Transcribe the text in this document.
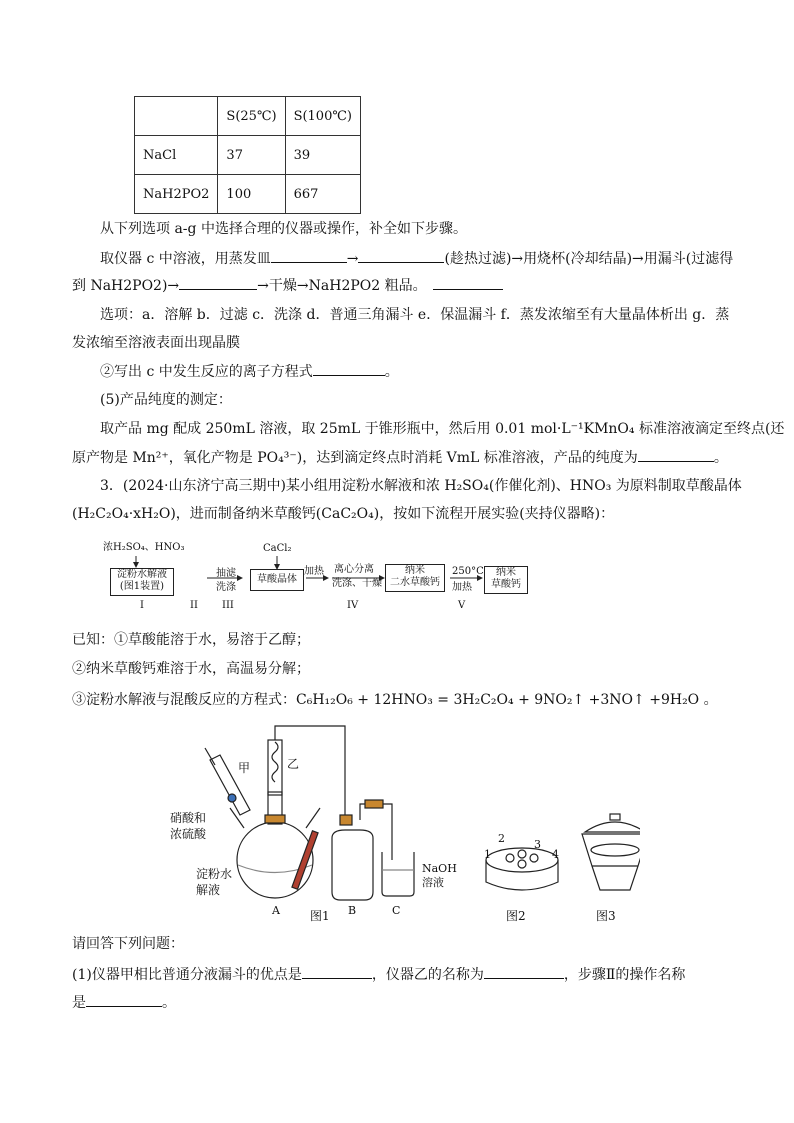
	S(25℃)	S(100℃)
NaCl	37	39
NaH2PO2	100	667
从下列选项 a-g 中选择合理的仪器或操作，补全如下步骤。
取仪器 c 中溶液，用蒸发皿	→	(趁热过滤)→用烧杯(冷却结晶)→用漏斗(过滤得
到 NaH2PO2)→	→干燥→NaH2PO2 粗品。
选项：a．溶解 b．过滤 c．洗涤 d．普通三角漏斗 e．保温漏斗 f．蒸发浓缩至有大量晶体析出 g．蒸
发浓缩至溶液表面出现晶膜
②写出 c 中发生反应的离子方程式	。
(5)产品纯度的测定：
取产品 mg 配成 250mL 溶液，取 25mL 于锥形瓶中，然后用 0.01 mol·L⁻¹KMnO₄ 标准溶液滴定至终点(还
原产物是 Mn²⁺，氧化产物是 PO₄³⁻)，达到滴定终点时消耗 VmL 标准溶液，产品的纯度为	。
3．(2024·山东济宁高三期中)某小组用淀粉水解液和浓 H₂SO₄(作催化剂)、HNO₃ 为原料制取草酸晶体
(H₂C₂O₄·xH₂O)，进而制备纳米草酸钙(CaC₂O₄)，按如下流程开展实验(夹持仪器略)：
浓H₂SO₄、HNO₃
淀粉水解液
(图1装置)
抽滤
洗涤
CaCl₂
草酸晶体
加热 离心分离
洗涤、干燥
纳米
二水草酸钙
250°C
加热
纳米
草酸钙
I	II III	IV	V
已知：①草酸能溶于水，易溶于乙醇；
②纳米草酸钙难溶于水，高温易分解；
③淀粉水解液与混酸反应的方程式：C₆H₁₂O₆ + 12HNO₃ = 3H₂C₂O₄ + 9NO₂↑ +3NO↑ +9H₂O 。
甲	乙
硝酸和
浓硫酸
淀粉水
解液
A	B	C
NaOH
溶液
1
2	3
4
图1	图2	图3
请回答下列问题：
(1)仪器甲相比普通分液漏斗的优点是	，仪器乙的名称为	，步骤Ⅱ的操作名称
是	。
